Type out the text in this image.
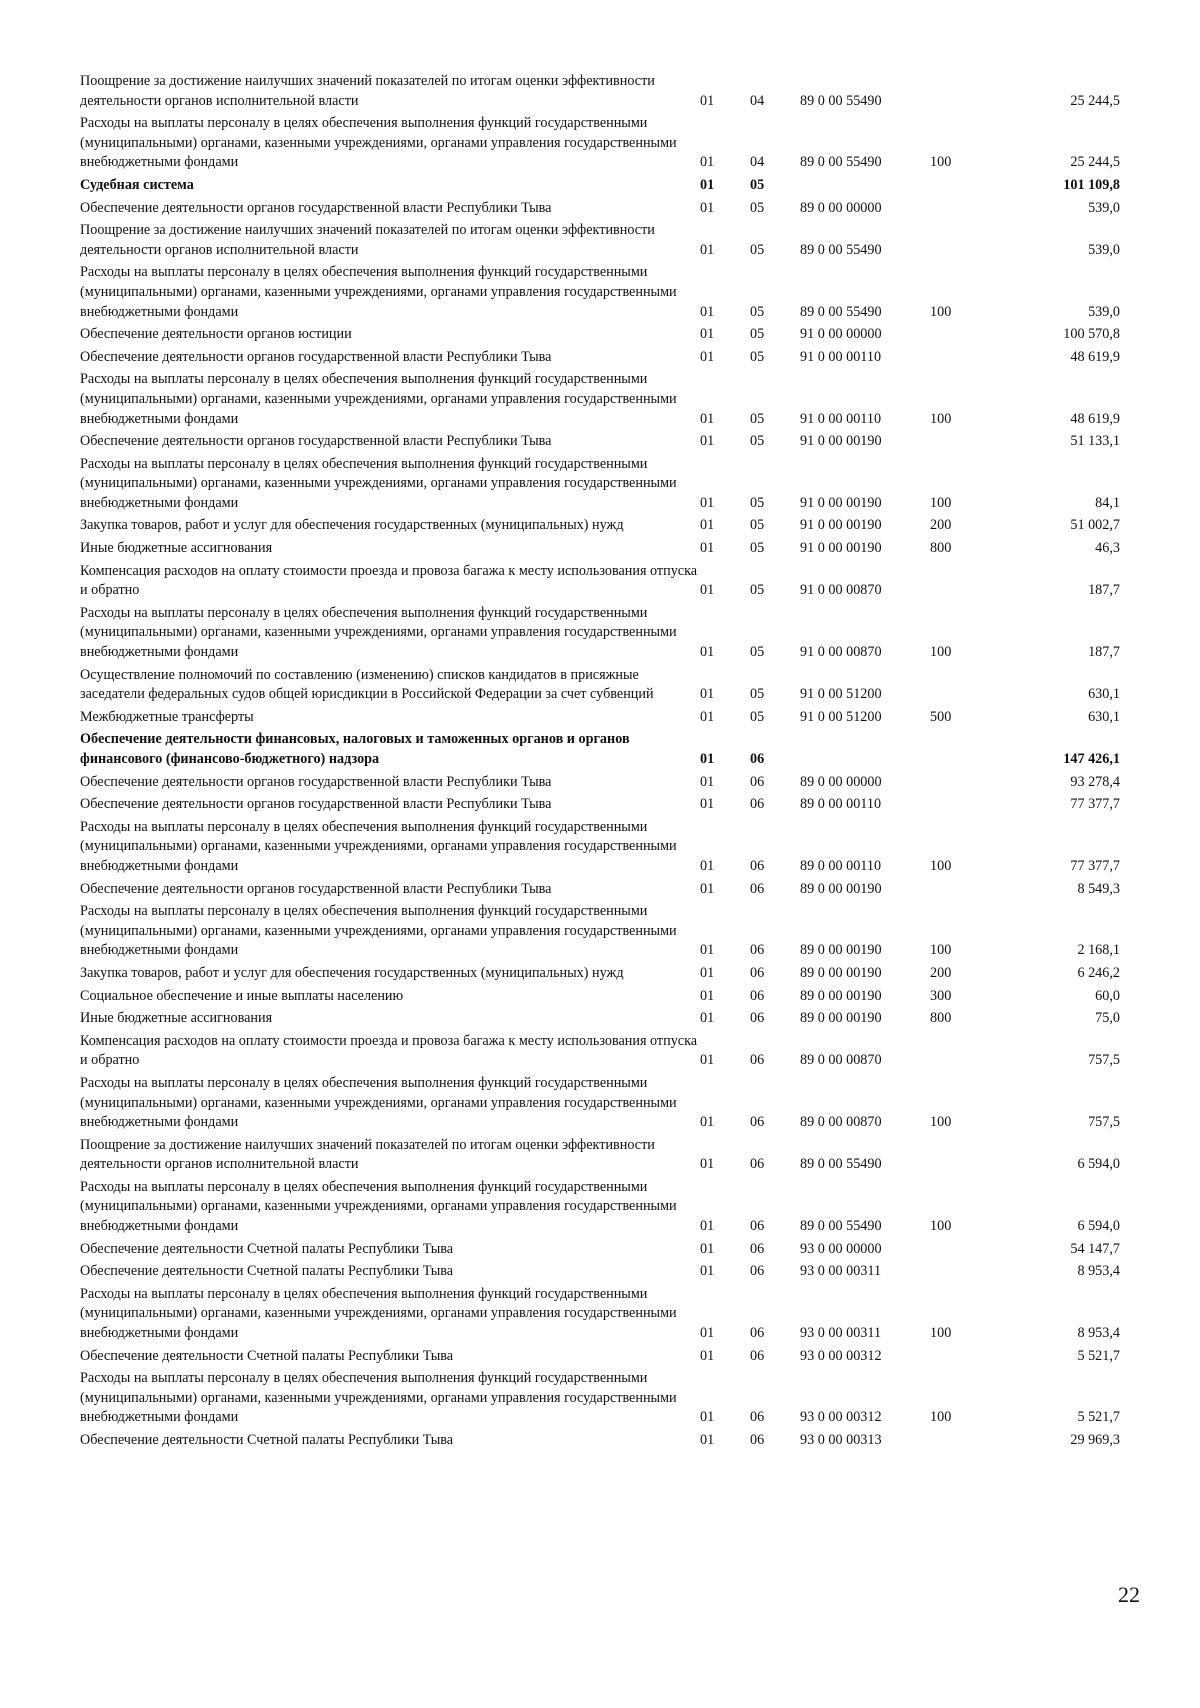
Поощрение за достижение наилучших значений показателей по итогам оценки эффективности деятельности органов исполнительной власти	01	04	89 0 00 55490		25 244,5
Расходы на выплаты персоналу в целях обеспечения выполнения функций государственными (муниципальными) органами, казенными учреждениями, органами управления государственными внебюджетными фондами	01	04	89 0 00 55490	100	25 244,5
Судебная система	01	05			101 109,8
Обеспечение деятельности органов государственной власти Республики Тыва	01	05	89 0 00 00000		539,0
Поощрение за достижение наилучших значений показателей по итогам оценки эффективности деятельности органов исполнительной власти	01	05	89 0 00 55490		539,0
Расходы на выплаты персоналу в целях обеспечения выполнения функций государственными (муниципальными) органами, казенными учреждениями, органами управления государственными внебюджетными фондами	01	05	89 0 00 55490	100	539,0
Обеспечение деятельности органов юстиции	01	05	91 0 00 00000		100 570,8
Обеспечение деятельности органов государственной власти Республики Тыва	01	05	91 0 00 00110		48 619,9
Расходы на выплаты персоналу в целях обеспечения выполнения функций государственными (муниципальными) органами, казенными учреждениями, органами управления государственными внебюджетными фондами	01	05	91 0 00 00110	100	48 619,9
Обеспечение деятельности органов государственной власти Республики Тыва	01	05	91 0 00 00190		51 133,1
Расходы на выплаты персоналу в целях обеспечения выполнения функций государственными (муниципальными) органами, казенными учреждениями, органами управления государственными внебюджетными фондами	01	05	91 0 00 00190	100	84,1
Закупка товаров, работ и услуг для обеспечения государственных (муниципальных) нужд	01	05	91 0 00 00190	200	51 002,7
Иные бюджетные ассигнования	01	05	91 0 00 00190	800	46,3
Компенсация расходов на оплату стоимости проезда и провоза багажа к месту использования отпуска и обратно	01	05	91 0 00 00870		187,7
Расходы на выплаты персоналу в целях обеспечения выполнения функций государственными (муниципальными) органами, казенными учреждениями, органами управления государственными внебюджетными фондами	01	05	91 0 00 00870	100	187,7
Осуществление полномочий по составлению (изменению) списков кандидатов в присяжные заседатели федеральных судов общей юрисдикции в Российской Федерации за счет субвенций	01	05	91 0 00 51200		630,1
Межбюджетные трансферты	01	05	91 0 00 51200	500	630,1
Обеспечение деятельности финансовых, налоговых и таможенных органов и органов финансового (финансово-бюджетного) надзора	01	06			147 426,1
Обеспечение деятельности органов государственной власти Республики Тыва	01	06	89 0 00 00000		93 278,4
Обеспечение деятельности органов государственной власти Республики Тыва	01	06	89 0 00 00110		77 377,7
Расходы на выплаты персоналу в целях обеспечения выполнения функций государственными (муниципальными) органами, казенными учреждениями, органами управления государственными внебюджетными фондами	01	06	89 0 00 00110	100	77 377,7
Обеспечение деятельности органов государственной власти Республики Тыва	01	06	89 0 00 00190		8 549,3
Расходы на выплаты персоналу в целях обеспечения выполнения функций государственными (муниципальными) органами, казенными учреждениями, органами управления государственными внебюджетными фондами	01	06	89 0 00 00190	100	2 168,1
Закупка товаров, работ и услуг для обеспечения государственных (муниципальных) нужд	01	06	89 0 00 00190	200	6 246,2
Социальное обеспечение и иные выплаты населению	01	06	89 0 00 00190	300	60,0
Иные бюджетные ассигнования	01	06	89 0 00 00190	800	75,0
Компенсация расходов на оплату стоимости проезда и провоза багажа к месту использования отпуска и обратно	01	06	89 0 00 00870		757,5
Расходы на выплаты персоналу в целях обеспечения выполнения функций государственными (муниципальными) органами, казенными учреждениями, органами управления государственными внебюджетными фондами	01	06	89 0 00 00870	100	757,5
Поощрение за достижение наилучших значений показателей по итогам оценки эффективности деятельности органов исполнительной власти	01	06	89 0 00 55490		6 594,0
Расходы на выплаты персоналу в целях обеспечения выполнения функций государственными (муниципальными) органами, казенными учреждениями, органами управления государственными внебюджетными фондами	01	06	89 0 00 55490	100	6 594,0
Обеспечение деятельности Счетной палаты Республики Тыва	01	06	93 0 00 00000		54 147,7
Обеспечение деятельности Счетной палаты Республики Тыва	01	06	93 0 00 00311		8 953,4
Расходы на выплаты персоналу в целях обеспечения выполнения функций государственными (муниципальными) органами, казенными учреждениями, органами управления государственными внебюджетными фондами	01	06	93 0 00 00311	100	8 953,4
Обеспечение деятельности Счетной палаты Республики Тыва	01	06	93 0 00 00312		5 521,7
Расходы на выплаты персоналу в целях обеспечения выполнения функций государственными (муниципальными) органами, казенными учреждениями, органами управления государственными внебюджетными фондами	01	06	93 0 00 00312	100	5 521,7
Обеспечение деятельности Счетной палаты Республики Тыва	01	06	93 0 00 00313		29 969,3
22
